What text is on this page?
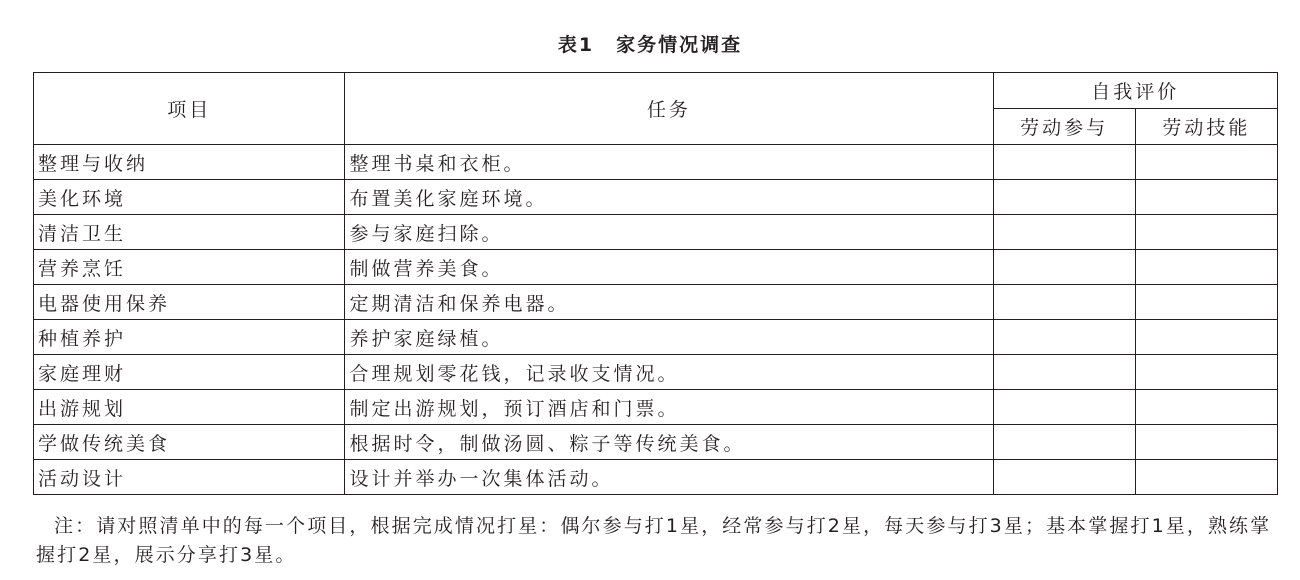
表1 家务情况调查
项目	任务	自我评价	
		劳动参与	劳动技能
整理与收纳	整理书桌和衣柜。		
美化环境	布置美化家庭环境。		
清洁卫生	参与家庭扫除。		
营养烹饪	制做营养美食。		
电器使用保养	定期清洁和保养电器。		
种植养护	养护家庭绿植。		
家庭理财	合理规划零花钱，记录收支情况。		
出游规划	制定出游规划，预订酒店和门票。		
学做传统美食	根据时令，制做汤圆、粽子等传统美食。		
活动设计	设计并举办一次集体活动。		
注：请对照清单中的每一个项目，根据完成情况打星：偶尔参与打1星，经常参与打2星，每天参与打3星；基本掌握打1星，熟练掌握打2星，展示分享打3星。
